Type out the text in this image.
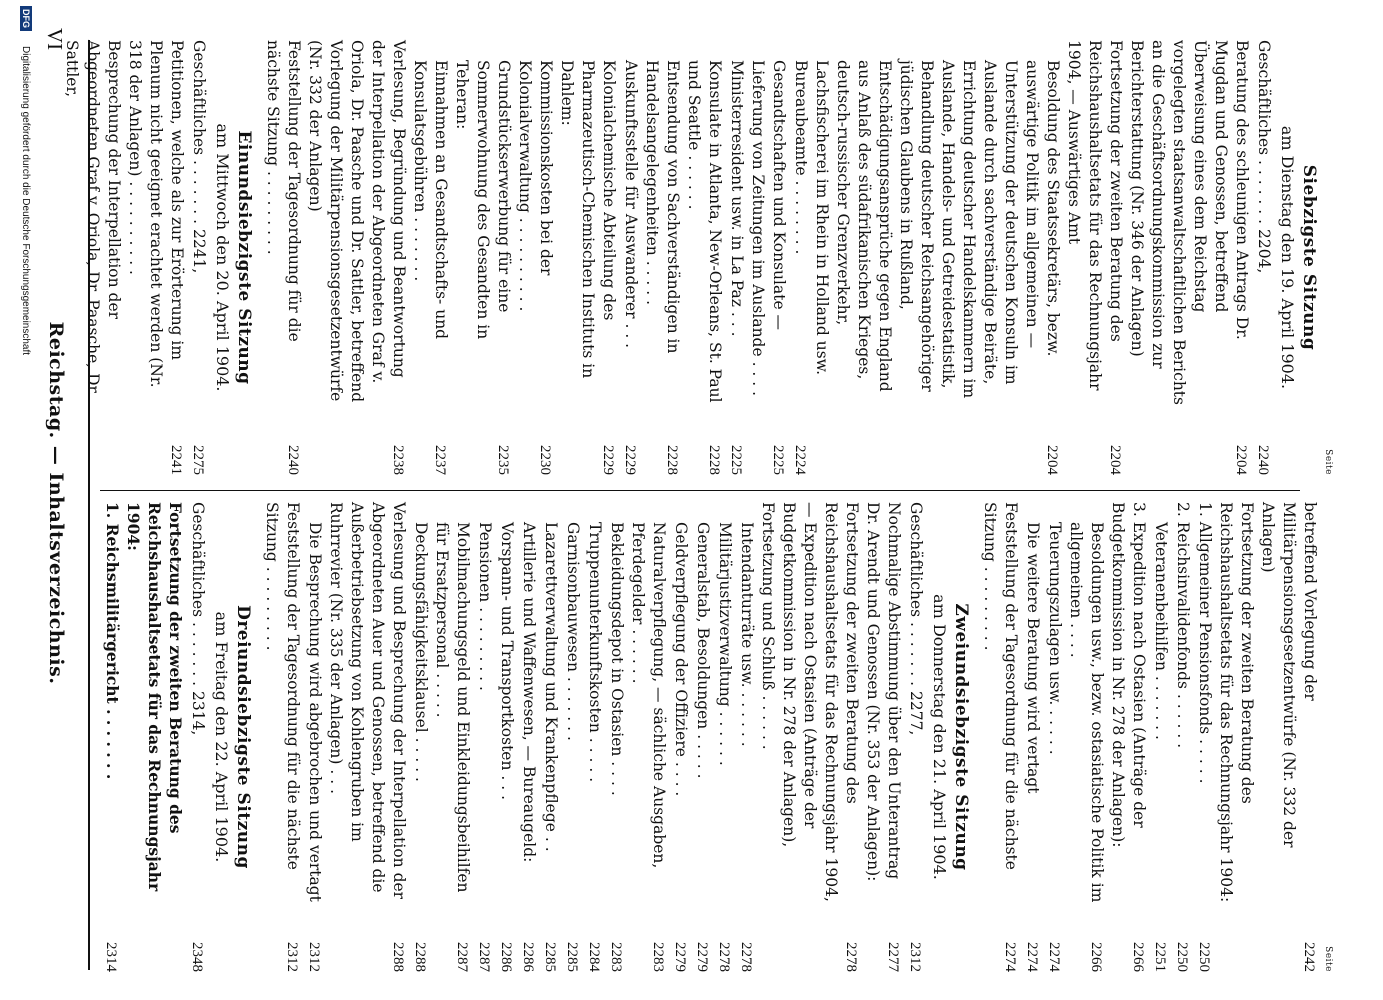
Seite
Siebzigste Sitzung
am Dienstag den 19. April 1904.
Geschäftliches . . . . . . . 2204,
2240
Beratung des schleunigen Antrags Dr. Mugdan und Genossen, betreffend Überweisung eines dem Reichstag vorgelegten staatsanwaltschaftlichen Berichts an die Geschäftsordnungskommission zur Berichterstattung (Nr. 346 der Anlagen)
2204
Fortsetzung der zweiten Beratung des Reichshaushaltsetats für das Rechnungsjahr 1904, — Auswärtiges Amt
2204
Besoldung des Staatssekretärs, bezw. auswärtige Politik im allgemeinen — Unterstützung der deutschen Konsuln im Auslande durch sachverständige Beiräte, Errichtung deutscher Handelskammern im Auslande, Handels- und Getreidestatistik, Behandlung deutscher Reichsangehöriger jüdischen Glaubens in Rußland, Entschädigungsansprüche gegen England aus Anlaß des südafrikanischen Krieges, deutsch-russischer Grenzverkehr, Lachsfischerei im Rhein in Holland usw.
2204
Bureaubeamte . . . . . . . .
2224
Gesandtschaften und Konsulate — Lieferung von Zeitungen im Auslande . . . .
2225
Ministerresident usw. in La Paz . . .
2225
Konsulate in Atlanta, New-Orleans, St. Paul und Seattle . . . . . .
2228
Entsendung von Sachverständigen in Handelsangelegenheiten . . . . .
2228
Auskunftsstelle für Auswanderer . . .
2229
Kolonialchemische Abteilung des Pharmazeutisch-Chemischen Instituts in Dahlem:
2229
Kommissionskosten bei der Kolonialverwaltung . . . . . . . . . .
2230
Grundstückserwerbung für eine Sommerwohnung des Gesandten in Teheran:
2235
Einnahmen an Gesandtschafts- und Konsulatsgebühren . . . . . . .
2237
Verlesung, Begründung und Beantwortung der Interpellation der Abgeordneten Graf v. Oriola, Dr. Paasche und Dr. Sattler, betreffend Vorlegung der Militärpensionsgesetzentwürfe (Nr. 332 der Anlagen)
2238
Feststellung der Tagesordnung für die nächste Sitzung . . . . . . . . .
2240
Einundsiebzigste Sitzung
am Mittwoch den 20. April 1904.
Geschäftliches . . . . . . . 2241,
2275
Petitionen, welche als zur Erörterung im Plenum nicht geeignet erachtet werden (Nr. 318 der Anlagen) . . . . . . . . . .
2241
Besprechung der Interpellation der Abgeordneten Graf v. Oriola, Dr. Paasche, Dr. Sattler,
Seite
betreffend Vorlegung der Militärpensionsgesetzentwürfe (Nr. 332 der Anlagen)
2242
Fortsetzung der zweiten Beratung des Reichshaushaltsetats für das Rechnungsjahr 1904:
1. Allgemeiner Pensionsfonds . . . . .
2250
2. Reichsinvalidenfonds . . . . . .
2250
Veteranenbeihilfen . . . . . . .
2251
3. Expedition nach Ostasien (Anträge der Budgetkommission in Nr. 278 der Anlagen):
2266
Besoldungen usw., bezw. ostasiatische Politik im allgemeinen . . . .
2266
Teuerungszulagen usw. . . . . .
2274
Die weitere Beratung wird vertagt
2274
Feststellung der Tagesordnung für die nächste Sitzung . . . . . . . . .
2274
Zweiundsiebzigste Sitzung
am Donnerstag den 21. April 1904.
Geschäftliches . . . . . . . 2277,
2312
Nochmalige Abstimmung über den Unterantrag Dr. Arendt und Genossen (Nr. 353 der Anlagen):
2277
Fortsetzung der zweiten Beratung des Reichshaushaltsetats für das Rechnungsjahr 1904, — Expedition nach Ostasien (Anträge der Budgetkommission in Nr. 278 der Anlagen), Fortsetzung und Schluß . . . . . .
2278
Intendanturräte usw. . . . . . .
2278
Militärjustizverwaltung . . . . . .
2278
Generalstab, Besoldungen . . . . .
2279
Geldverpflegung der Offiziere . . . .
2279
Naturalverpflegung, — sächliche Ausgaben, Pferdegelder . . . . . .
2283
Bekleidungsdepot in Ostasien . . . .
2283
Truppenunterkunftskosten . . . . .
2284
Garnisonbauwesen . . . . . . .
2285
Lazarettverwaltung und Krankenpflege . .
2285
Artillerie und Waffenwesen, — Bureaugeld:
2286
Vorspann- und Transportkosten . . .
2286
Pensionen . . . . . . . . .
2287
Mobilmachungsgeld und Einkleidungsbeihilfen für Ersatzpersonal . . . . .
2287
Deckungsfähigkeitsklausel . . . . .
2288
Verlesung und Besprechung der Interpellation der Abgeordneten Auer und Genossen, betreffend die Außerbetriebsetzung von Kohlengruben im Ruhrrevier (Nr. 335 der Anlagen) . . .
2288
Die Besprechung wird abgebrochen und vertagt
2312
Feststellung der Tagesordnung für die nächste Sitzung . . . . . . . . .
2312
Dreiundsiebzigste Sitzung
am Freitag den 22. April 1904.
Geschäftliches . . . . . . . 2314,
2348
Fortsetzung der zweiten Beratung des Reichshaushaltsetats für das Rechnungsjahr 1904:
1. Reichsmilitärgericht . . . . . . .
2314
VI
Reichstag. — Inhaltsverzeichnis.
DFG
Digitalisierung gefördert durch die Deutsche Forschungsgemeinschaft
